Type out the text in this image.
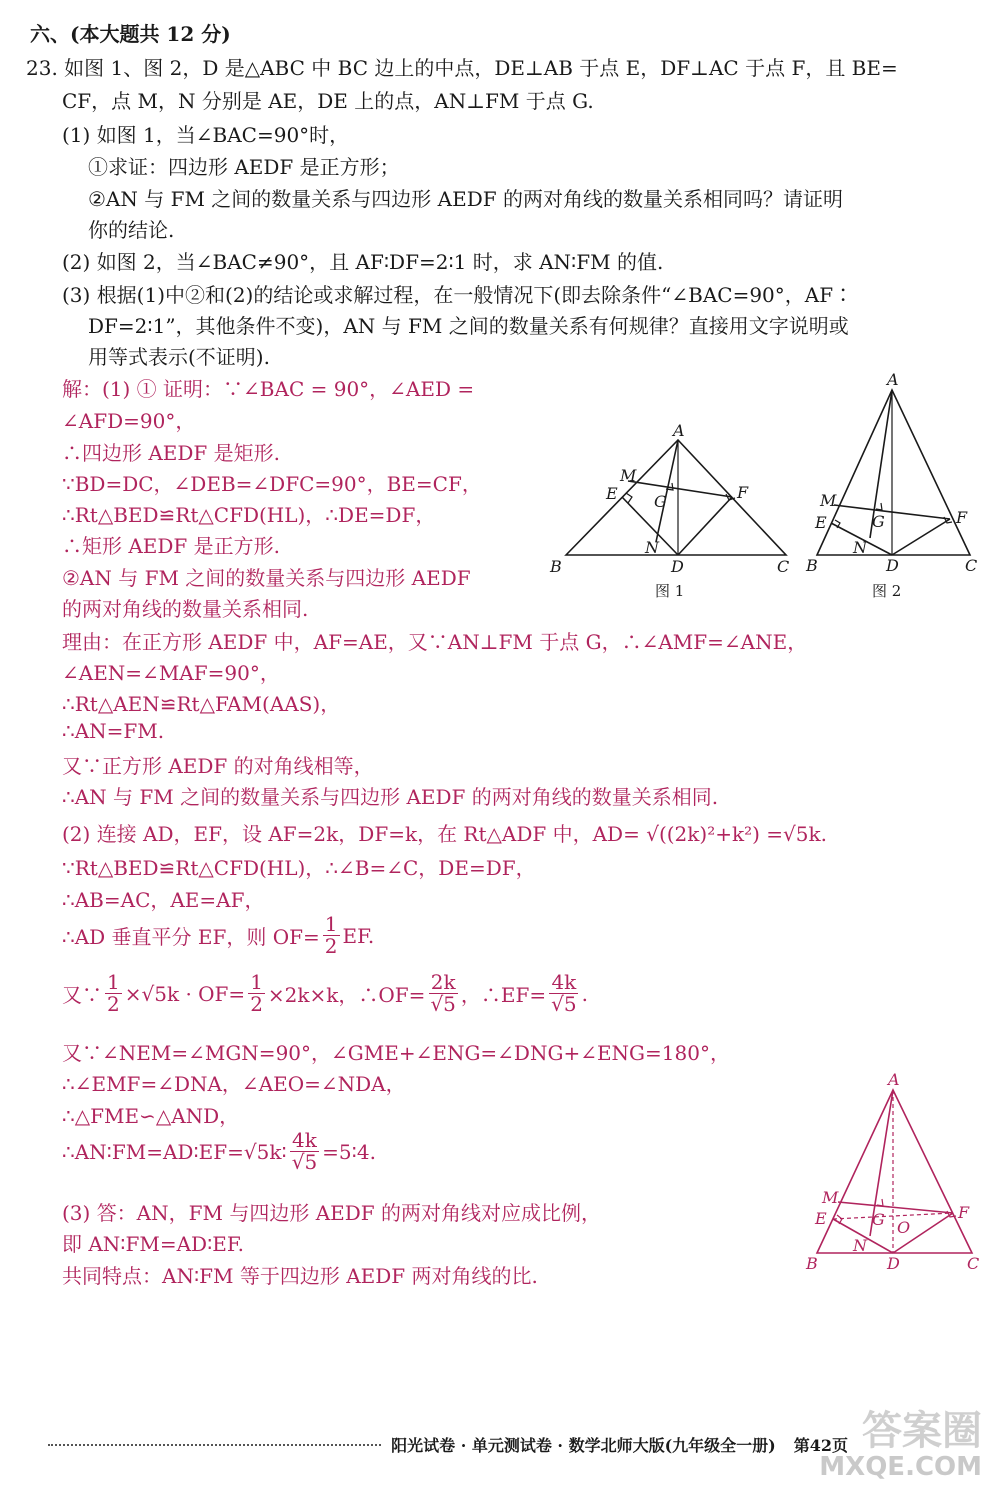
六、(本大题共 12 分)
23. 如图 1、图 2，D 是△ABC 中 BC 边上的中点，DE⊥AB 于点 E，DF⊥AC 于点 F，且 BE=
CF，点 M，N 分别是 AE，DE 上的点，AN⊥FM 于点 G.
(1) 如图 1，当∠BAC=90°时，
①求证：四边形 AEDF 是正方形；
②AN 与 FM 之间的数量关系与四边形 AEDF 的两对角线的数量关系相同吗？请证明
你的结论.
(2) 如图 2，当∠BAC≠90°，且 AF∶DF=2∶1 时，求 AN∶FM 的值.
(3) 根据(1)中②和(2)的结论或求解过程，在一般情况下(即去除条件“∠BAC=90°，AF∶
DF=2∶1”，其他条件不变)，AN 与 FM 之间的数量关系有何规律？直接用文字说明或
用等式表示(不证明).
解：(1) ① 证明：∵∠BAC = 90°，∠AED =
∠AFD=90°，
∴四边形 AEDF 是矩形.
∵BD=DC，∠DEB=∠DFC=90°，BE=CF，
∴Rt△BED≌Rt△CFD(HL)，∴DE=DF，
∴矩形 AEDF 是正方形.
②AN 与 FM 之间的数量关系与四边形 AEDF
的两对角线的数量关系相同.
理由：在正方形 AEDF 中，AF=AE，又∵AN⊥FM 于点 G，∴∠AMF=∠ANE，
∠AEN=∠MAF=90°，
∴Rt△AEN≌Rt△FAM(AAS)，
∴AN=FM.
又∵正方形 AEDF 的对角线相等，
∴AN 与 FM 之间的数量关系与四边形 AEDF 的两对角线的数量关系相同.
(2) 连接 AD，EF，设 AF=2k，DF=k，在 Rt△ADF 中，AD= √((2k)²+k²) =√5k.
∵Rt△BED≌Rt△CFD(HL)，∴∠B=∠C，DE=DF，
∴AB=AC，AE=AF，
∴AD 垂直平分 EF，则 $OF= \frac{1}{2}$ EF.
又∵ $\frac{1}{2} \times√5k \cdot OF= \frac{1}{2} \times 2k\times k$，∴OF= $\frac{2k}{√5}$ ，∴EF= $\frac{4k}{√5}$ .
又∵∠NEM=∠MGN=90°，∠GME+∠ENG=∠DNG+∠ENG=180°，
∴∠EMF=∠DNA，∠AEO=∠NDA，
∴△FME∽△AND，
∴AN∶FM=AD∶EF=√5k∶ $\frac{4k}{√5}$ =5∶4.
(3) 答：AN，FM 与四边形 AEDF 的两对角线对应成比例，
即 AN∶FM=AD∶EF.
共同特点：AN∶FM 等于四边形 AEDF 两对角线的比.
A
B	C
D
E	F
M
N
G
图 1
A
B	C
D
E	F
M
N
G
图 2
A
B	C
D
E	F
M
N
G O
阳光试卷 · 单元测试卷 · 数学北师大版(九年级全一册) 第42页 答案圈
MXQE.COM
